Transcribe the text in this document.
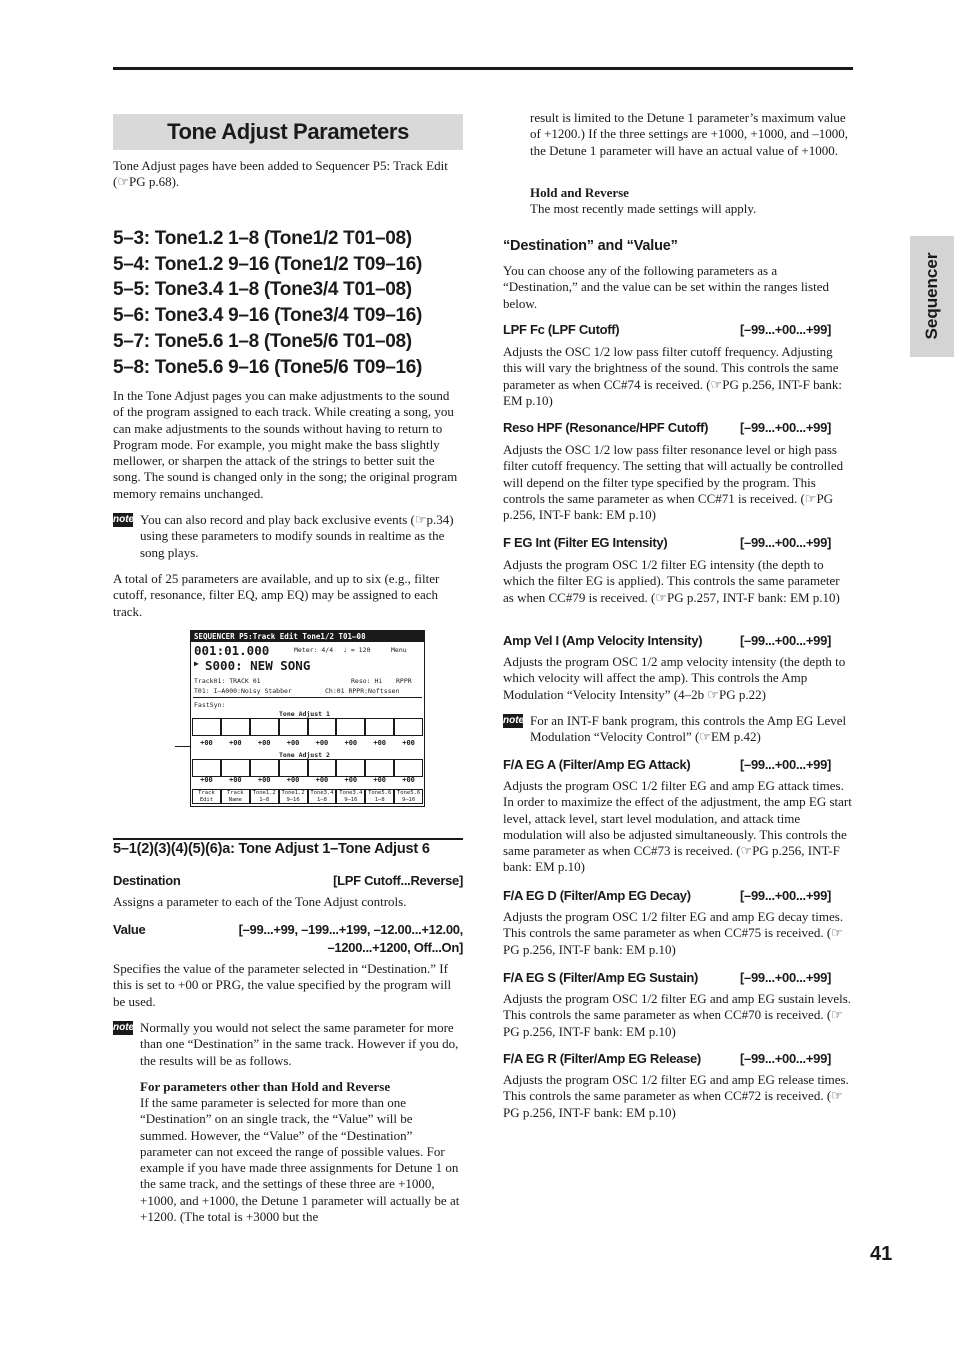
Sequencer
Tone Adjust Parameters
Tone Adjust pages have been added to Sequencer P5: Track Edit (☞PG p.68).
5–3: Tone1.2 1–8 (Tone1/2 T01–08)
5–4: Tone1.2 9–16 (Tone1/2 T09–16)
5–5: Tone3.4 1–8 (Tone3/4 T01–08)
5–6: Tone3.4 9–16 (Tone3/4 T09–16)
5–7: Tone5.6 1–8 (Tone5/6 T01–08)
5–8: Tone5.6 9–16 (Tone5/6 T09–16)
In the Tone Adjust pages you can make adjustments to the sound of the program assigned to each track. While creating a song, you can make adjustments to the sounds without having to return to Program mode. For example, you might make the bass slightly mellower, or sharpen the attack of the strings to better suit the song. The sound is changed only in the song; the original program memory remains unchanged.
note You can also record and play back exclusive events (☞p.34) using these parameters to modify sounds in realtime as the song plays.
A total of 25 parameters are available, and up to six (e.g., filter cutoff, resonance, filter EQ, amp EQ) may be assigned to each track.
SEQUENCER P5:Track Edit Tone1/2 T01–08
001:01.000	Meter: 4/4 ♩ = 120	Menu
▶ S000: NEW SONG
Track01: TRACK 01	Reso: Hi RPPR
T01: I–A000:Noisy Stabber	Ch:01 RPPR:Noftssen
FastSyn:
Tone Adjust 1
+00	+00	+00	+00	+00	+00	+00	+00
Tone Adjust 2
+00	+00	+00	+00	+00	+00	+00	+00
Track
Edit
Track
Name
Tone1.2
1–8
Tone1.2
9–16
Tone3.4
1–8
Tone3.4
9–16
Tone5.6
1–8
Tone5.6
9–16
5–1(2)(3)(4)(5)(6)a: Tone Adjust 1–Tone Adjust 6
Destination	[LPF Cutoff...Reverse]
Assigns a parameter to each of the Tone Adjust controls.
Value	[–99...+99, –199...+199, –12.00...+12.00,
–1200...+1200, Off...On]
Specifies the value of the parameter selected in “Destination.” If this is set to +00 or PRG, the value specified by the program will be used.
note Normally you would not select the same parameter for more than one “Destination” in the same track. However if you do, the results will be as follows.
For parameters other than Hold and Reverse
If the same parameter is selected for more than one “Destination” on an single track, the “Value” will be summed. However, the “Value” of the “Destination” parameter can not exceed the range of possible values. For example if you have made three assignments for Detune 1 on the same track, and the settings of these three are +1000, +1000, and +1000, the Detune 1 parameter will actually be at +1200. (The total is +3000 but the
result is limited to the Detune 1 parameter’s maximum value of +1200.) If the three settings are +1000, +1000, and –1000, the Detune 1 parameter will have an actual value of +1000.
Hold and Reverse
The most recently made settings will apply.
“Destination” and “Value”
You can choose any of the following parameters as a “Destination,” and the value can be set within the ranges listed below.
LPF Fc (LPF Cutoff)	[–99...+00...+99]
Adjusts the OSC 1/2 low pass filter cutoff frequency. Adjusting this will vary the brightness of the sound. This controls the same parameter as when CC#74 is received. (☞PG p.256, INT-F bank: EM p.10)
Reso HPF (Resonance/HPF Cutoff) [–99...+00...+99]
Adjusts the OSC 1/2 low pass filter resonance level or high pass filter cutoff frequency. The setting that will actually be controlled will depend on the filter type specified by the program. This controls the same parameter as when CC#71 is received. (☞PG p.256, INT-F bank: EM p.10)
F EG Int (Filter EG Intensity)	[–99...+00...+99]
Adjusts the program OSC 1/2 filter EG intensity (the depth to which the filter EG is applied). This controls the same parameter as when CC#79 is received. (☞PG p.257, INT-F bank: EM p.10)
Amp Vel I (Amp Velocity Intensity)	[–99...+00...+99]
Adjusts the program OSC 1/2 amp velocity intensity (the depth to which velocity will affect the amp). This controls the Amp Modulation “Velocity Intensity” (4–2b ☞PG p.22)
note For an INT-F bank program, this controls the Amp EG Level Modulation “Velocity Control” (☞EM p.42)
F/A EG A (Filter/Amp EG Attack)	[–99...+00...+99]
Adjusts the program OSC 1/2 filter EG and amp EG attack times. In order to maximize the effect of the adjustment, the amp EG start level, attack level, start level modulation, and attack time modulation will also be adjusted simultaneously. This controls the same parameter as when CC#73 is received. (☞PG p.256, INT-F bank: EM p.10)
F/A EG D (Filter/Amp EG Decay)	[–99...+00...+99]
Adjusts the program OSC 1/2 filter EG and amp EG decay times. This controls the same parameter as when CC#75 is received. (☞PG p.256, INT-F bank: EM p.10)
F/A EG S (Filter/Amp EG Sustain)	[–99...+00...+99]
Adjusts the program OSC 1/2 filter EG and amp EG sustain levels. This controls the same parameter as when CC#70 is received. (☞PG p.256, INT-F bank: EM p.10)
F/A EG R (Filter/Amp EG Release)	[–99...+00...+99]
Adjusts the program OSC 1/2 filter EG and amp EG release times. This controls the same parameter as when CC#72 is received. (☞PG p.256, INT-F bank: EM p.10)
41
